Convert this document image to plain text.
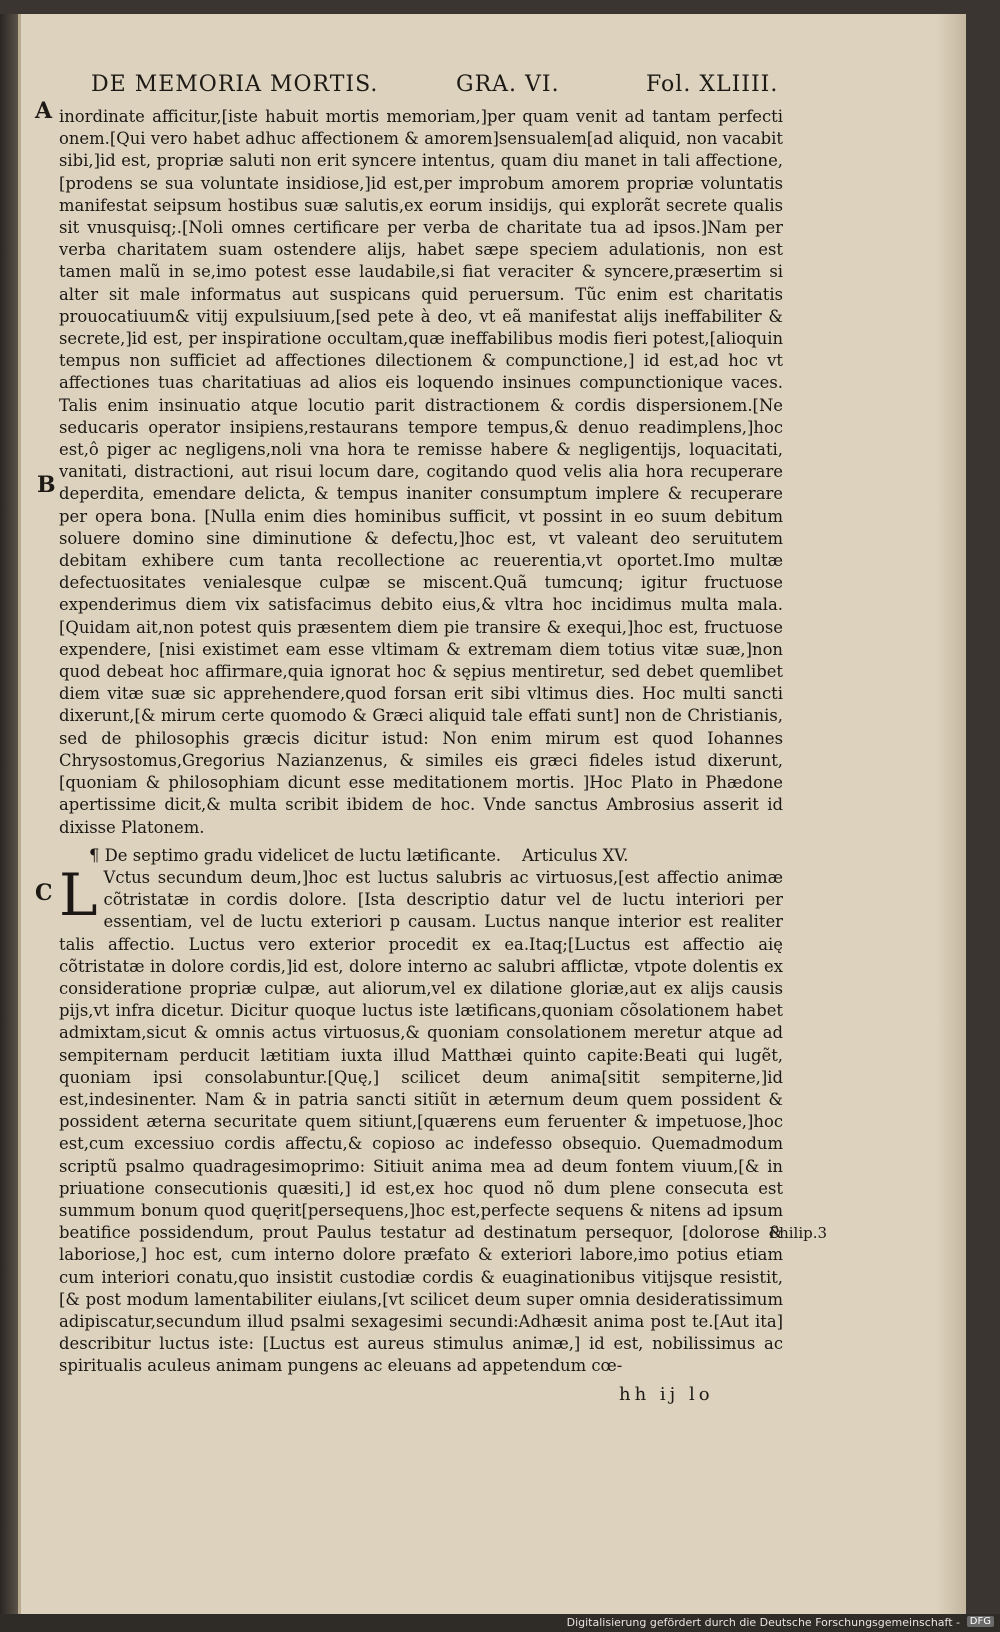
DE MEMORIA MORTIS.	GRA. VI.	Fol. XLIIII.
A
B
C
Philip.3

inordinate afficitur,[iste habuit mortis memoriam,]per quam venit ad tantam perfecti onem.[Qui vero habet adhuc affectionem & amorem]sensualem[ad aliquid, non vacabit sibi,]id est, propriæ saluti non erit syncere intentus, quam diu manet in tali affectione,[prodens se sua voluntate insidiose,]id est,per improbum amorem propriæ voluntatis manifestat seipsum hostibus suæ salutis,ex eorum insidijs, qui explorãt secrete qualis sit vnusquisq;.[Noli omnes certificare per verba de charitate tua ad ipsos.]Nam per verba charitatem suam ostendere alijs, habet sæpe speciem adulationis, non est tamen malũ in se,imo potest esse laudabile,si fiat veraciter & syncere,præsertim si alter sit male informatus aut suspicans quid peruersum. Tũc enim est charitatis prouocatiuum& vitij expulsiuum,[sed pete à deo, vt eã manifestat alijs ineffabiliter & secrete,]id est, per inspiratione occultam,quæ ineffabilibus modis fieri potest,[alioquin tempus non sufficiet ad affectiones dilectionem & compunctione,] id est,ad hoc vt affectiones tuas charitatiuas ad alios eis loquendo insinues compunctionique vaces. Talis enim insinuatio atque locutio parit distractionem & cordis dispersionem.[Ne seducaris operator insipiens,restaurans tempore tempus,& denuo readimplens,]hoc est,ô piger ac negligens,noli vna hora te remisse habere & negligentijs, loquacitati, vanitati, distractioni, aut risui locum dare, cogitando quod velis alia hora recuperare deperdita, emendare delicta, & tempus inaniter consumptum implere & recuperare per opera bona. [Nulla enim dies hominibus sufficit, vt possint in eo suum debitum soluere domino sine diminutione & defectu,]hoc est, vt valeant deo seruitutem debitam exhibere cum tanta recollectione ac reuerentia,vt oportet.Imo multæ defectuositates venialesque culpæ se miscent.Quã tumcunq; igitur fructuose expenderimus diem vix satisfacimus debito eius,& vltra hoc incidimus multa mala.[Quidam ait,non potest quis præsentem diem pie transire & exequi,]hoc est, fructuose expendere, [nisi existimet eam esse vltimam & extremam diem totius vitæ suæ,]non quod debeat hoc affirmare,quia ignorat hoc & sępius mentiretur, sed debet quemlibet diem vitæ suæ sic apprehendere,quod forsan erit sibi vltimus dies. Hoc multi sancti dixerunt,[& mirum certe quomodo & Græci aliquid tale effati sunt] non de Christianis, sed de philosophis græcis dicitur istud: Non enim mirum est quod Iohannes Chrysostomus,Gregorius Nazianzenus, & similes eis græci fideles istud dixerunt,[quoniam & philosophiam dicunt esse meditationem mortis. ]Hoc Plato in Phædone apertissime dicit,& multa scribit ibidem de hoc. Vnde sanctus Ambrosius asserit id dixisse Platonem.

¶ De septimo gradu videlicet de luctu lætificante. Articulus XV.

L Vctus secundum deum,]hoc est luctus salubris ac virtuosus,[est affectio animæ cõtristatæ in cordis dolore. [Ista descriptio datur vel de luctu interiori per essentiam, vel de luctu exteriori p causam. Luctus nanque interior est realiter talis affectio. Luctus vero exterior procedit ex ea.Itaq;[Luctus est affectio aię cõtristatæ in dolore cordis,]id est, dolore interno ac salubri afflictæ, vtpote dolentis ex consideratione propriæ culpæ, aut aliorum,vel ex dilatione gloriæ,aut ex alijs causis pijs,vt infra dicetur. Dicitur quoque luctus iste lætificans,quoniam cõsolationem habet admixtam,sicut & omnis actus virtuosus,& quoniam consolationem meretur atque ad sempiternam perducit lætitiam iuxta illud Matthæi quinto capite:Beati qui lugẽt, quoniam ipsi consolabuntur.[Quę,] scilicet deum anima[sitit sempiterne,]id est,indesinenter. Nam & in patria sancti sitiũt in æternum deum quem possident & possident æterna securitate quem sitiunt,[quærens eum feruenter & impetuose,]hoc est,cum excessiuo cordis affectu,& copioso ac indefesso obsequio. Quemadmodum scriptũ psalmo quadragesimoprimo: Sitiuit anima mea ad deum fontem viuum,[& in priuatione consecutionis quæsiti,] id est,ex hoc quod nõ dum plene consecuta est summum bonum quod quęrit[persequens,]hoc est,perfecte sequens & nitens ad ipsum beatifice possidendum, prout Paulus testatur ad destinatum persequor, [dolorose & laboriose,] hoc est, cum interno dolore præfato & exteriori labore,imo potius etiam cum interiori conatu,quo insistit custodiæ cordis & euaginationibus vitijsque resistit,[& post modum lamentabiliter eiulans,[vt scilicet deum super omnia desideratissimum adipiscatur,secundum illud psalmi sexagesimi secundi:Adhæsit anima post te.[Aut ita] describitur luctus iste: [Luctus est aureus stimulus animæ,] id est, nobilissimus ac spiritualis aculeus animam pungens ac eleuans ad appetendum cœ-

hh ij lo
Digitalisierung gefördert durch die Deutsche Forschungsgemeinschaft - DFG
